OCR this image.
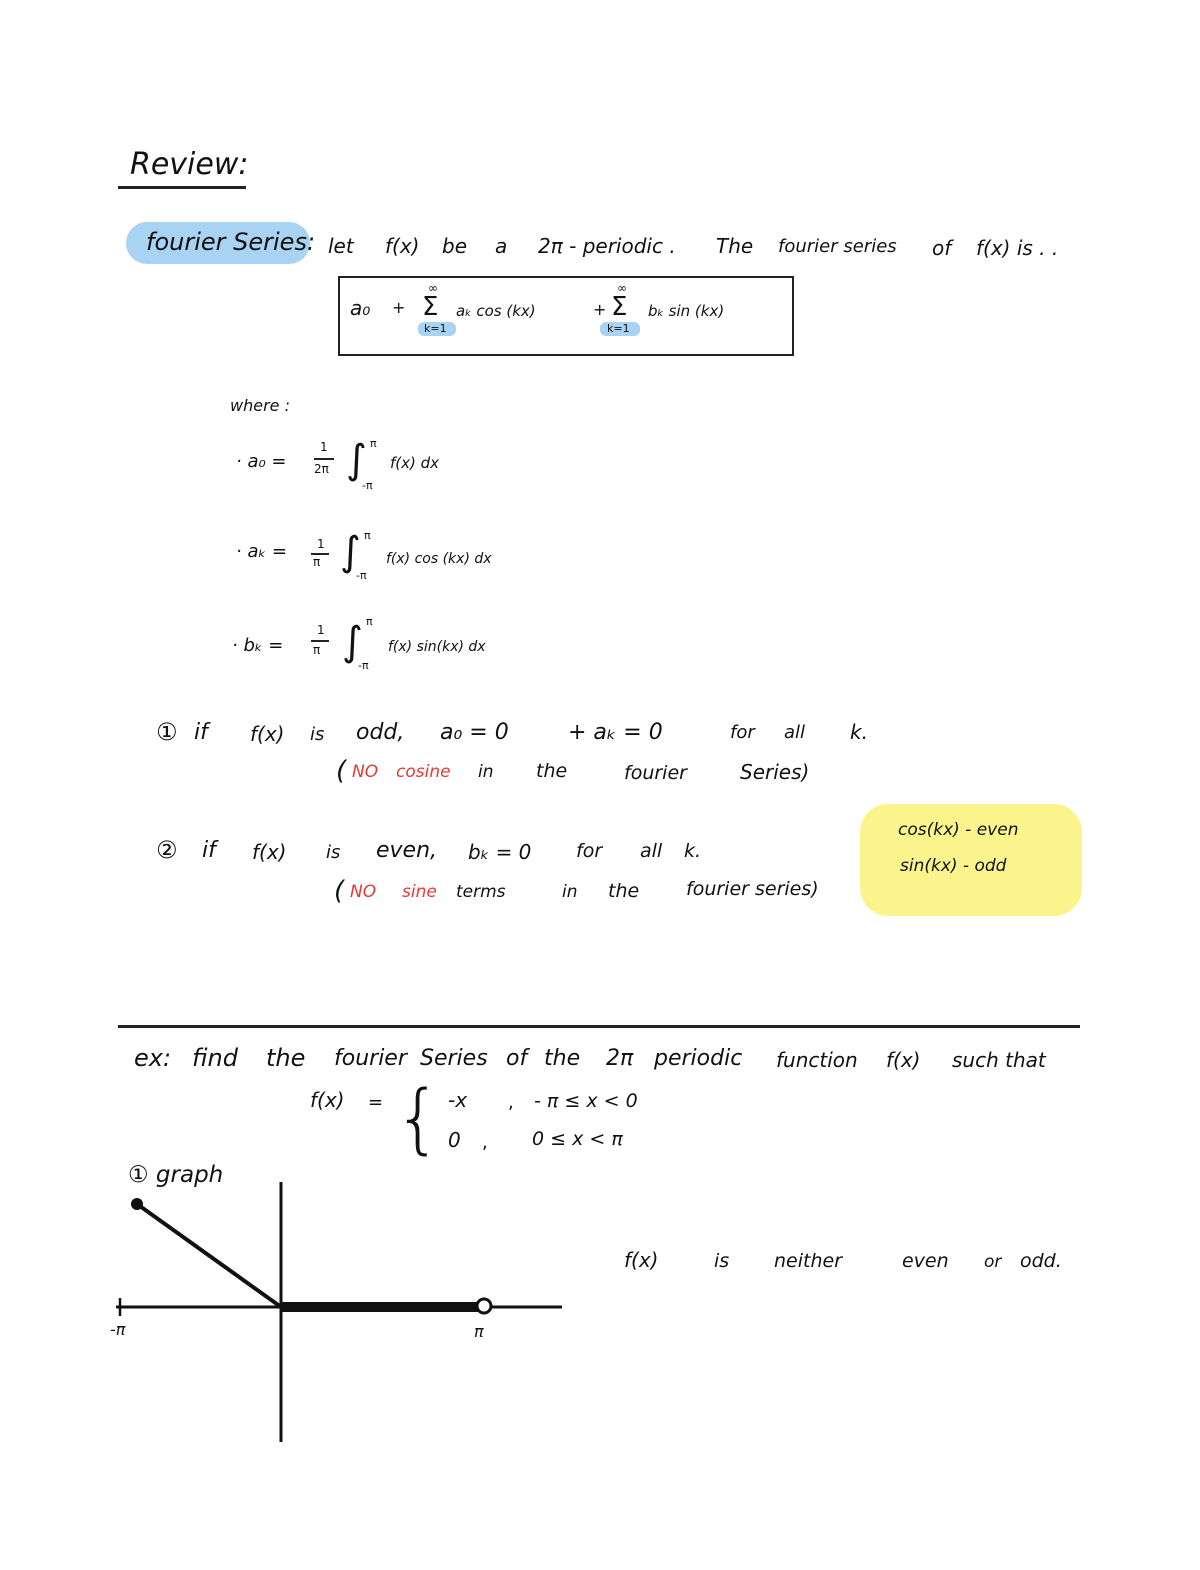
Review:
fourier Series: let f(x) be a 2π - periodic . The fourier series of f(x) is . .
a₀ +
∞
Σ
k=1
aₖ cos (kx)	+
∞
Σ
k=1
bₖ sin (kx)
where :
· a₀ =
1
2π ∫ π
-π
f(x) dx
· aₖ =	1
π ∫ π
-π
f(x) cos (kx) dx
· bₖ =
1
π ∫ π
-π
f(x) sin(kx) dx
① if f(x) is odd, a₀ = 0	+ aₖ = 0	for all k.
( NO cosine in the	fourier	Series)
② if f(x) is even, bₖ = 0 for all k.
( NO sine terms	in the fourier series)
cos(kx) - even
sin(kx) - odd
ex: find the fourier Series of the 2π periodic function f(x) such that
f(x) = { -x , - π ≤ x < 0
0 , 0 ≤ x < π
① graph
-π	π
f(x)	is neither	even or odd.
